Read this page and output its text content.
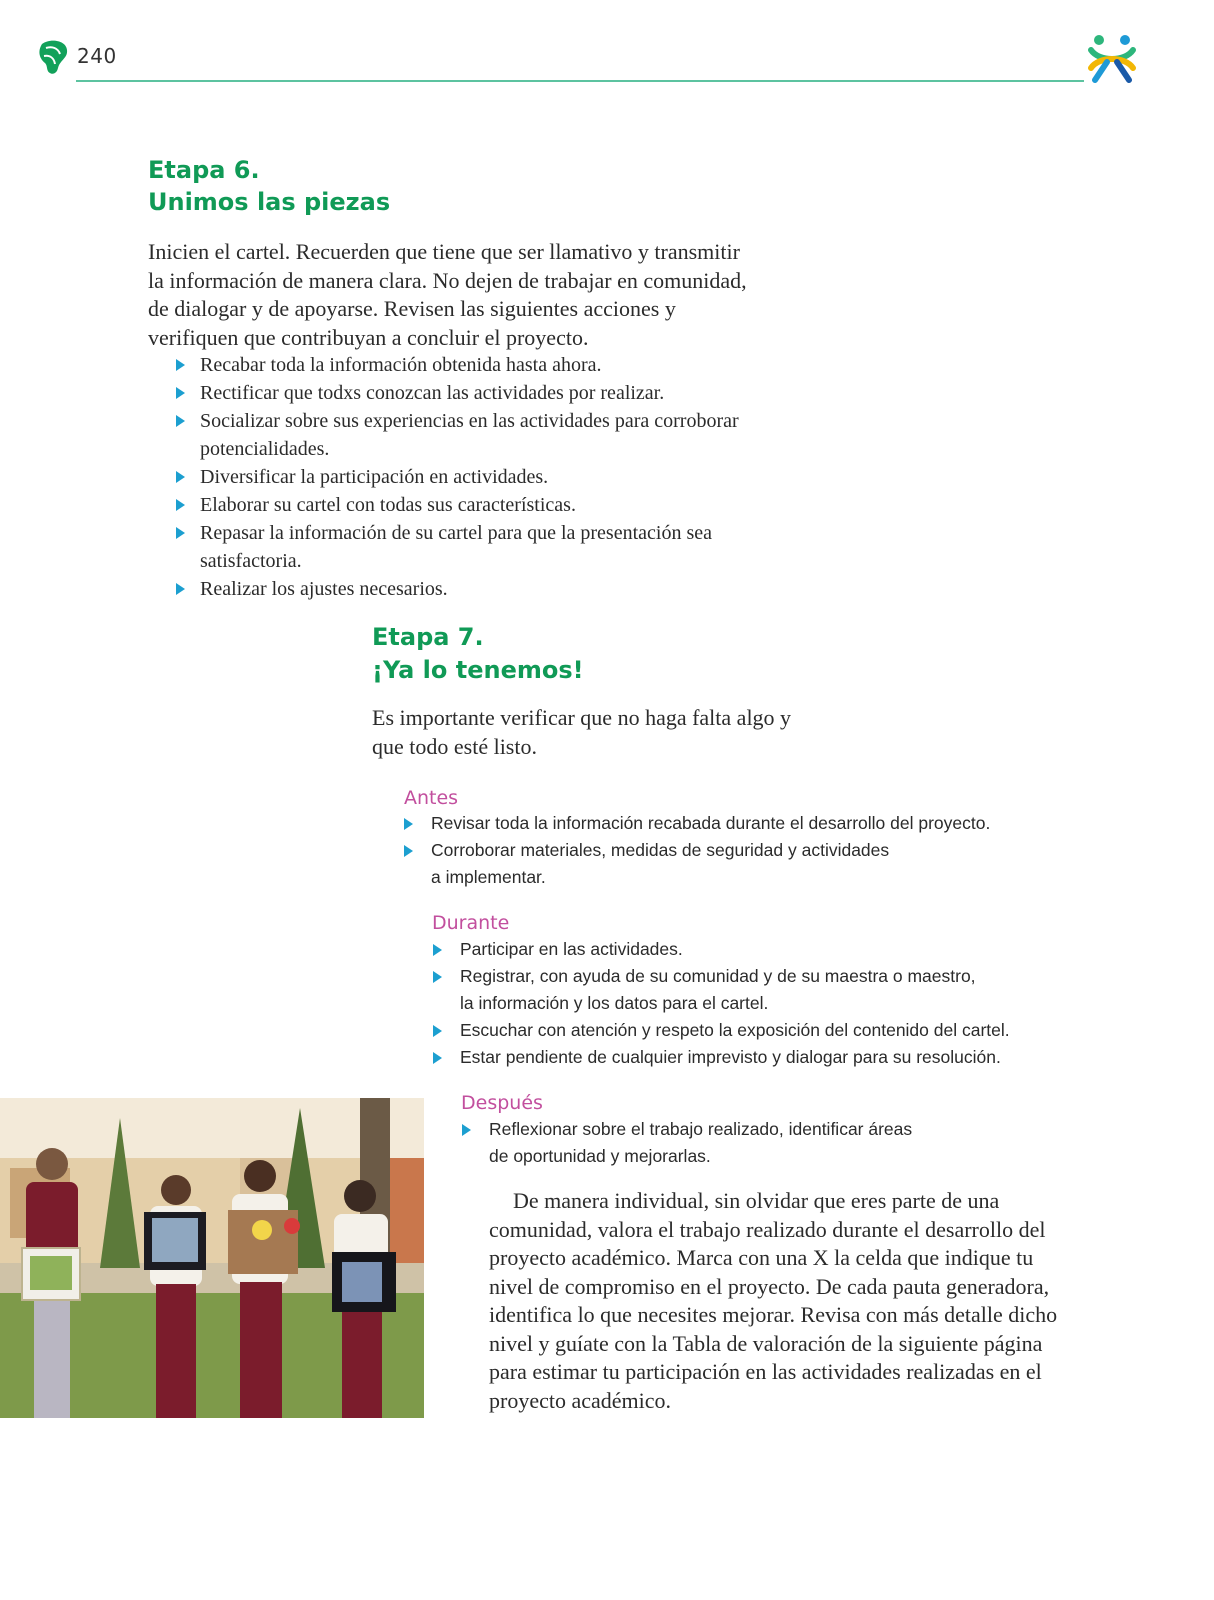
240
Etapa 6.
Unimos las piezas

Inicien el cartel. Recuerden que tiene que ser llamativo y transmitir la información de manera clara. No dejen de trabajar en comunidad, de dialogar y de apoyarse. Revisen las siguientes acciones y verifiquen que contribuyan a concluir el proyecto.

Recabar toda la información obtenida hasta ahora.
Rectificar que todxs conozcan las actividades por realizar.
Socializar sobre sus experiencias en las actividades para corroborar potencialidades.
Diversificar la participación en actividades.
Elaborar su cartel con todas sus características.
Repasar la información de su cartel para que la presentación sea satisfactoria.
Realizar los ajustes necesarios.
Etapa 7.
¡Ya lo tenemos!

Es importante verificar que no haga falta algo y que todo esté listo.

Antes
Revisar toda la información recabada durante el desarrollo del proyecto.
Corroborar materiales, medidas de seguridad y actividades a implementar.
Durante
Participar en las actividades.
Registrar, con ayuda de su comunidad y de su maestra o maestro, la información y los datos para el cartel.
Escuchar con atención y respeto la exposición del contenido del cartel.
Estar pendiente de cualquier imprevisto y dialogar para su resolución.
Después
Reflexionar sobre el trabajo realizado, identificar áreas de oportunidad y mejorarlas.

De manera individual, sin olvidar que eres parte de una comunidad, valora el trabajo realizado durante el desarrollo del proyecto académico. Marca con una X la celda que indique tu nivel de compromiso en el proyecto. De cada pauta generadora, identifica lo que necesites mejorar. Revisa con más detalle dicho nivel y guíate con la Tabla de valoración de la siguiente página para estimar tu participación en las actividades realizadas en el proyecto académico.
